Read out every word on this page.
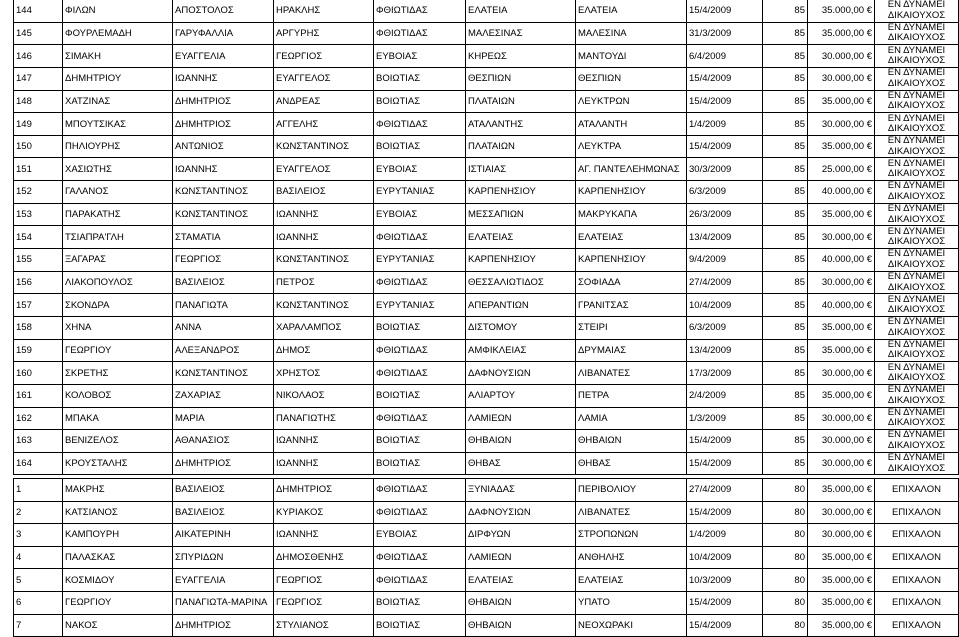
144	ΦΙΛΩΝ	ΑΠΟΣΤΟΛΟΣ	ΗΡΑΚΛΗΣ	ΦΘΙΩΤΙΔΑΣ	ΕΛΑΤΕΙΑ	ΕΛΑΤΕΙΑ	15/4/2009	85	35.000,00 €	ΕΝ ΔΥΝΑΜΕΙ ΔΙΚΑΙΟΥΧΟΣ
145	ΦΟΥΡΛΕΜΑΔΗ	ΓΑΡΥΦΑΛΛΙΑ	ΑΡΓΥΡΗΣ	ΦΘΙΩΤΙΔΑΣ	ΜΑΛΕΣΙΝΑΣ	ΜΑΛΕΣΙΝΑ	31/3/2009	85	35.000,00 €	ΕΝ ΔΥΝΑΜΕΙ ΔΙΚΑΙΟΥΧΟΣ
146	ΣΙΜΑΚΗ	ΕΥΑΓΓΕΛΙΑ	ΓΕΩΡΓΙΟΣ	ΕΥΒΟΙΑΣ	ΚΗΡΕΩΣ	ΜΑΝΤΟΥΔΙ	6/4/2009	85	30.000,00 €	ΕΝ ΔΥΝΑΜΕΙ ΔΙΚΑΙΟΥΧΟΣ
147	ΔΗΜΗΤΡΙΟΥ	ΙΩΑΝΝΗΣ	ΕΥΑΓΓΕΛΟΣ	ΒΟΙΩΤΙΑΣ	ΘΕΣΠΙΩΝ	ΘΕΣΠΙΩΝ	15/4/2009	85	30.000,00 €	ΕΝ ΔΥΝΑΜΕΙ ΔΙΚΑΙΟΥΧΟΣ
148	ΧΑΤΖΙΝΑΣ	ΔΗΜΗΤΡΙΟΣ	ΑΝΔΡΕΑΣ	ΒΟΙΩΤΙΑΣ	ΠΛΑΤΑΙΩΝ	ΛΕΥΚΤΡΩΝ	15/4/2009	85	35.000,00 €	ΕΝ ΔΥΝΑΜΕΙ ΔΙΚΑΙΟΥΧΟΣ
149	ΜΠΟΥΤΣΙΚΑΣ	ΔΗΜΗΤΡΙΟΣ	ΑΓΓΕΛΗΣ	ΦΘΙΩΤΙΔΑΣ	ΑΤΑΛΑΝΤΗΣ	ΑΤΑΛΑΝΤΗ	1/4/2009	85	30.000,00 €	ΕΝ ΔΥΝΑΜΕΙ ΔΙΚΑΙΟΥΧΟΣ
150	ΠΗΛΙΟΥΡΗΣ	ΑΝΤΩΝΙΟΣ	ΚΩΝΣΤΑΝΤΙΝΟΣ	ΒΟΙΩΤΙΑΣ	ΠΛΑΤΑΙΩΝ	ΛΕΥΚΤΡΑ	15/4/2009	85	35.000,00 €	ΕΝ ΔΥΝΑΜΕΙ ΔΙΚΑΙΟΥΧΟΣ
151	ΧΑΣΙΩΤΗΣ	ΙΩΑΝΝΗΣ	ΕΥΑΓΓΕΛΟΣ	ΕΥΒΟΙΑΣ	ΙΣΤΙΑΙΑΣ	ΑΓ. ΠΑΝΤΕΛΕΗΜΩΝΑΣ	30/3/2009	85	25.000,00 €	ΕΝ ΔΥΝΑΜΕΙ ΔΙΚΑΙΟΥΧΟΣ
152	ΓΑΛΑΝΟΣ	ΚΩΝΣΤΑΝΤΙΝΟΣ	ΒΑΣΙΛΕΙΟΣ	ΕΥΡΥΤΑΝΙΑΣ	ΚΑΡΠΕΝΗΣΙΟΥ	ΚΑΡΠΕΝΗΣΙΟΥ	6/3/2009	85	40.000,00 €	ΕΝ ΔΥΝΑΜΕΙ ΔΙΚΑΙΟΥΧΟΣ
153	ΠΑΡΑΚΑΤΗΣ	ΚΩΝΣΤΑΝΤΙΝΟΣ	ΙΩΑΝΝΗΣ	ΕΥΒΟΙΑΣ	ΜΕΣΣΑΠΙΩΝ	ΜΑΚΡΥΚΑΠΑ	26/3/2009	85	35.000,00 €	ΕΝ ΔΥΝΑΜΕΙ ΔΙΚΑΙΟΥΧΟΣ
154	ΤΣΙΑΠΡΑ'ΓΛΗ	ΣΤΑΜΑΤΙΑ	ΙΩΑΝΝΗΣ	ΦΘΙΩΤΙΔΑΣ	ΕΛΑΤΕΙΑΣ	ΕΛΑΤΕΙΑΣ	13/4/2009	85	30.000,00 €	ΕΝ ΔΥΝΑΜΕΙ ΔΙΚΑΙΟΥΧΟΣ
155	ΞΑΓΑΡΑΣ	ΓΕΩΡΓΙΟΣ	ΚΩΝΣΤΑΝΤΙΝΟΣ	ΕΥΡΥΤΑΝΙΑΣ	ΚΑΡΠΕΝΗΣΙΟΥ	ΚΑΡΠΕΝΗΣΙΟΥ	9/4/2009	85	40.000,00 €	ΕΝ ΔΥΝΑΜΕΙ ΔΙΚΑΙΟΥΧΟΣ
156	ΛΙΑΚΟΠΟΥΛΟΣ	ΒΑΣΙΛΕΙΟΣ	ΠΕΤΡΟΣ	ΦΘΙΩΤΙΔΑΣ	ΘΕΣΣΑΛΙΩΤΙΔΟΣ	ΣΟΦΙΑΔΑ	27/4/2009	85	30.000,00 €	ΕΝ ΔΥΝΑΜΕΙ ΔΙΚΑΙΟΥΧΟΣ
157	ΣΚΟΝΔΡΑ	ΠΑΝΑΓΙΩΤΑ	ΚΩΝΣΤΑΝΤΙΝΟΣ	ΕΥΡΥΤΑΝΙΑΣ	ΑΠΕΡΑΝΤΙΩΝ	ΓΡΑΝΙΤΣΑΣ	10/4/2009	85	40.000,00 €	ΕΝ ΔΥΝΑΜΕΙ ΔΙΚΑΙΟΥΧΟΣ
158	ΧΗΝΑ	ΑΝΝΑ	ΧΑΡΑΛΑΜΠΟΣ	ΒΟΙΩΤΙΑΣ	ΔΙΣΤΟΜΟΥ	ΣΤΕΙΡΙ	6/3/2009	85	35.000,00 €	ΕΝ ΔΥΝΑΜΕΙ ΔΙΚΑΙΟΥΧΟΣ
159	ΓΕΩΡΓΙΟΥ	ΑΛΕΞΑΝΔΡΟΣ	ΔΗΜΟΣ	ΦΘΙΩΤΙΔΑΣ	ΑΜΦΙΚΛΕΙΑΣ	ΔΡΥΜΑΙΑΣ	13/4/2009	85	35.000,00 €	ΕΝ ΔΥΝΑΜΕΙ ΔΙΚΑΙΟΥΧΟΣ
160	ΣΚΡΕΤΗΣ	ΚΩΝΣΤΑΝΤΙΝΟΣ	ΧΡΗΣΤΟΣ	ΦΘΙΩΤΙΔΑΣ	ΔΑΦΝΟΥΣΙΩΝ	ΛΙΒΑΝΑΤΕΣ	17/3/2009	85	30.000,00 €	ΕΝ ΔΥΝΑΜΕΙ ΔΙΚΑΙΟΥΧΟΣ
161	ΚΟΛΟΒΟΣ	ΖΑΧΑΡΙΑΣ	ΝΙΚΟΛΑΟΣ	ΒΟΙΩΤΙΑΣ	ΑΛΙΑΡΤΟΥ	ΠΕΤΡΑ	2/4/2009	85	35.000,00 €	ΕΝ ΔΥΝΑΜΕΙ ΔΙΚΑΙΟΥΧΟΣ
162	ΜΠΑΚΑ	ΜΑΡΙΑ	ΠΑΝΑΓΙΩΤΗΣ	ΦΘΙΩΤΙΔΑΣ	ΛΑΜΙΕΩΝ	ΛΑΜΙΑ	1/3/2009	85	30.000,00 €	ΕΝ ΔΥΝΑΜΕΙ ΔΙΚΑΙΟΥΧΟΣ
163	ΒΕΝΙΖΕΛΟΣ	ΑΘΑΝΑΣΙΟΣ	ΙΩΑΝΝΗΣ	ΒΟΙΩΤΙΑΣ	ΘΗΒΑΙΩΝ	ΘΗΒΑΙΩΝ	15/4/2009	85	30.000,00 €	ΕΝ ΔΥΝΑΜΕΙ ΔΙΚΑΙΟΥΧΟΣ
164	ΚΡΟΥΣΤΑΛΗΣ	ΔΗΜΗΤΡΙΟΣ	ΙΩΑΝΝΗΣ	ΒΟΙΩΤΙΑΣ	ΘΗΒΑΣ	ΘΗΒΑΣ	15/4/2009	85	30.000,00 €	ΕΝ ΔΥΝΑΜΕΙ ΔΙΚΑΙΟΥΧΟΣ
1	ΜΑΚΡΗΣ	ΒΑΣΙΛΕΙΟΣ	ΔΗΜΗΤΡΙΟΣ	ΦΘΙΩΤΙΔΑΣ	ΞΥΝΙΑΔΑΣ	ΠΕΡΙΒΟΛΙΟΥ	27/4/2009	80	35.000,00 €	ΕΠΙΧΑΛΟΝ
2	ΚΑΤΣΙΑΝΟΣ	ΒΑΣΙΛΕΙΟΣ	ΚΥΡΙΑΚΟΣ	ΦΘΙΩΤΙΔΑΣ	ΔΑΦΝΟΥΣΙΩΝ	ΛΙΒΑΝΑΤΕΣ	15/4/2009	80	30.000,00 €	ΕΠΙΧΑΛΟΝ
3	ΚΑΜΠΟΥΡΗ	ΑΙΚΑΤΕΡΙΝΗ	ΙΩΑΝΝΗΣ	ΕΥΒΟΙΑΣ	ΔΙΡΦΥΩΝ	ΣΤΡΟΠΩΝΩΝ	1/4/2009	80	30.000,00 €	ΕΠΙΧΑΛΟΝ
4	ΠΑΛΑΣΚΑΣ	ΣΠΥΡΙΔΩΝ	ΔΗΜΟΣΘΕΝΗΣ	ΦΘΙΩΤΙΔΑΣ	ΛΑΜΙΕΩΝ	ΑΝΘΗΛΗΣ	10/4/2009	80	35.000,00 €	ΕΠΙΧΑΛΟΝ
5	ΚΟΣΜΙΔΟΥ	ΕΥΑΓΓΕΛΙΑ	ΓΕΩΡΓΙΟΣ	ΦΘΙΩΤΙΔΑΣ	ΕΛΑΤΕΙΑΣ	ΕΛΑΤΕΙΑΣ	10/3/2009	80	35.000,00 €	ΕΠΙΧΑΛΟΝ
6	ΓΕΩΡΓΙΟΥ	ΠΑΝΑΓΙΩΤΑ-ΜΑΡΙΝΑ	ΓΕΩΡΓΙΟΣ	ΒΟΙΩΤΙΑΣ	ΘΗΒΑΙΩΝ	ΥΠΑΤΟ	15/4/2009	80	35.000,00 €	ΕΠΙΧΑΛΟΝ
7	ΝΑΚΟΣ	ΔΗΜΗΤΡΙΟΣ	ΣΤΥΛΙΑΝΟΣ	ΒΟΙΩΤΙΑΣ	ΘΗΒΑΙΩΝ	ΝΕΟΧΩΡΑΚΙ	15/4/2009	80	35.000,00 €	ΕΠΙΧΑΛΟΝ
